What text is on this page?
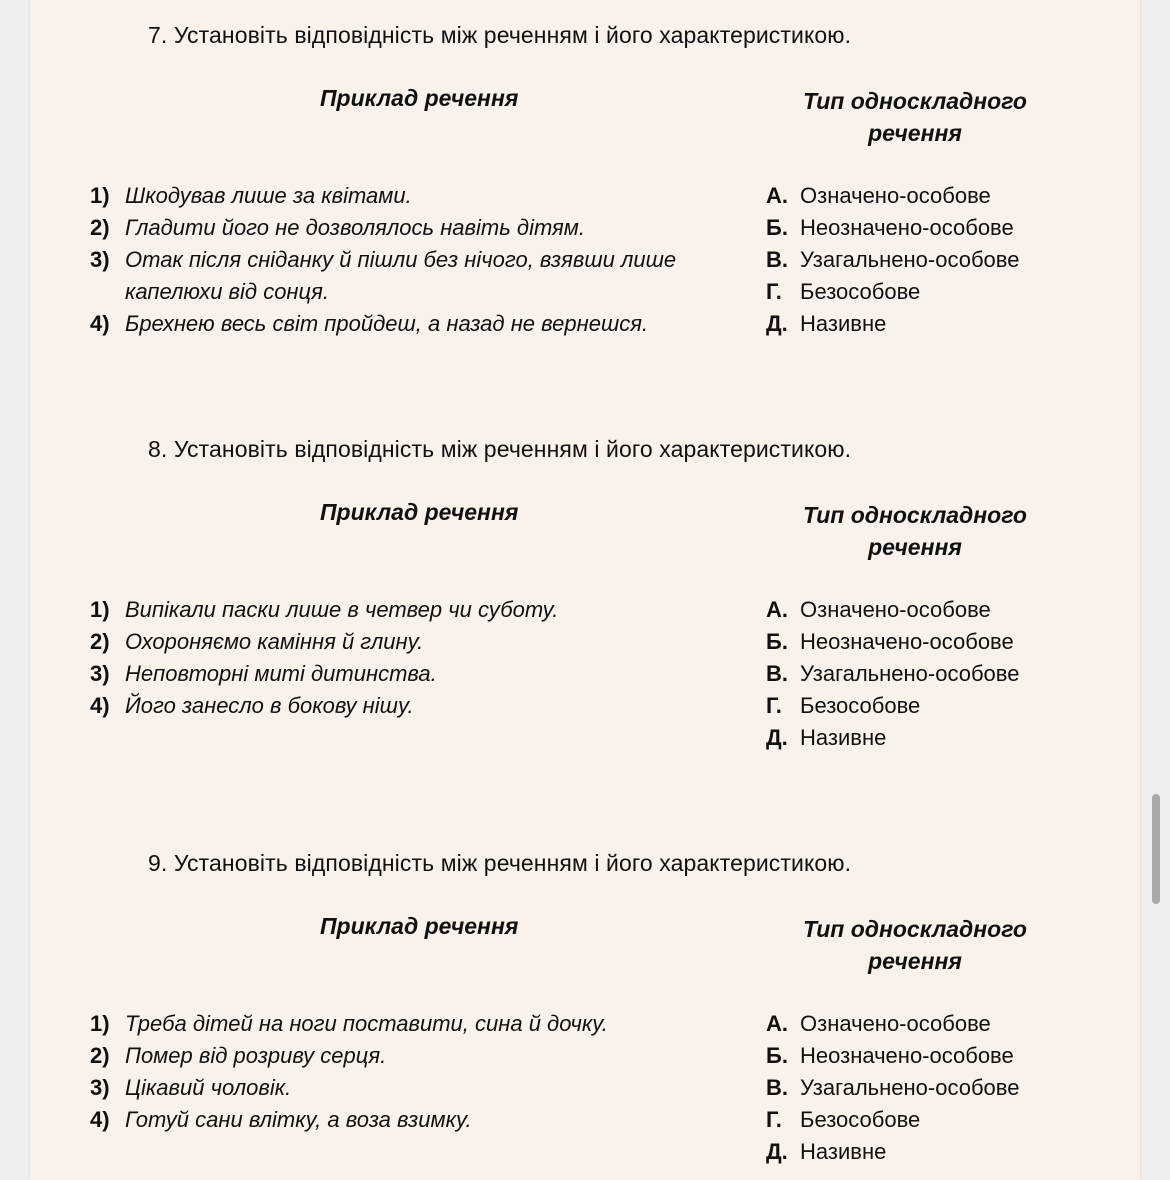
7. Установіть відповідність між реченням і його характеристикою.
Приклад речення	Тип односкладного речення
1) Шкодував лише за квітами.
2) Гладити його не дозволялось навіть дітям.
3) Отак після сніданку й пішли без нічого, взявши лише капелюхи від сонця.
4) Брехнею весь світ пройдеш, а назад не вернешся.
А. Означено-особове
Б. Неозначено-особове
В. Узагальнено-особове
Г. Безособове
Д. Називне
8. Установіть відповідність між реченням і його характеристикою.
Приклад речення	Тип односкладного речення
1) Випікали паски лише в четвер чи суботу.
2) Охороняємо каміння й глину.
3) Неповторні миті дитинства.
4) Його занесло в бокову нішу.
А. Означено-особове
Б. Неозначено-особове
В. Узагальнено-особове
Г. Безособове
Д. Називне
9. Установіть відповідність між реченням і його характеристикою.
Приклад речення	Тип односкладного речення
1) Треба дітей на ноги поставити, сина й дочку.
2) Помер від розриву серця.
3) Цікавий чоловік.
4) Готуй сани влітку, а воза взимку.
А. Означено-особове
Б. Неозначено-особове
В. Узагальнено-особове
Г. Безособове
Д. Називне
